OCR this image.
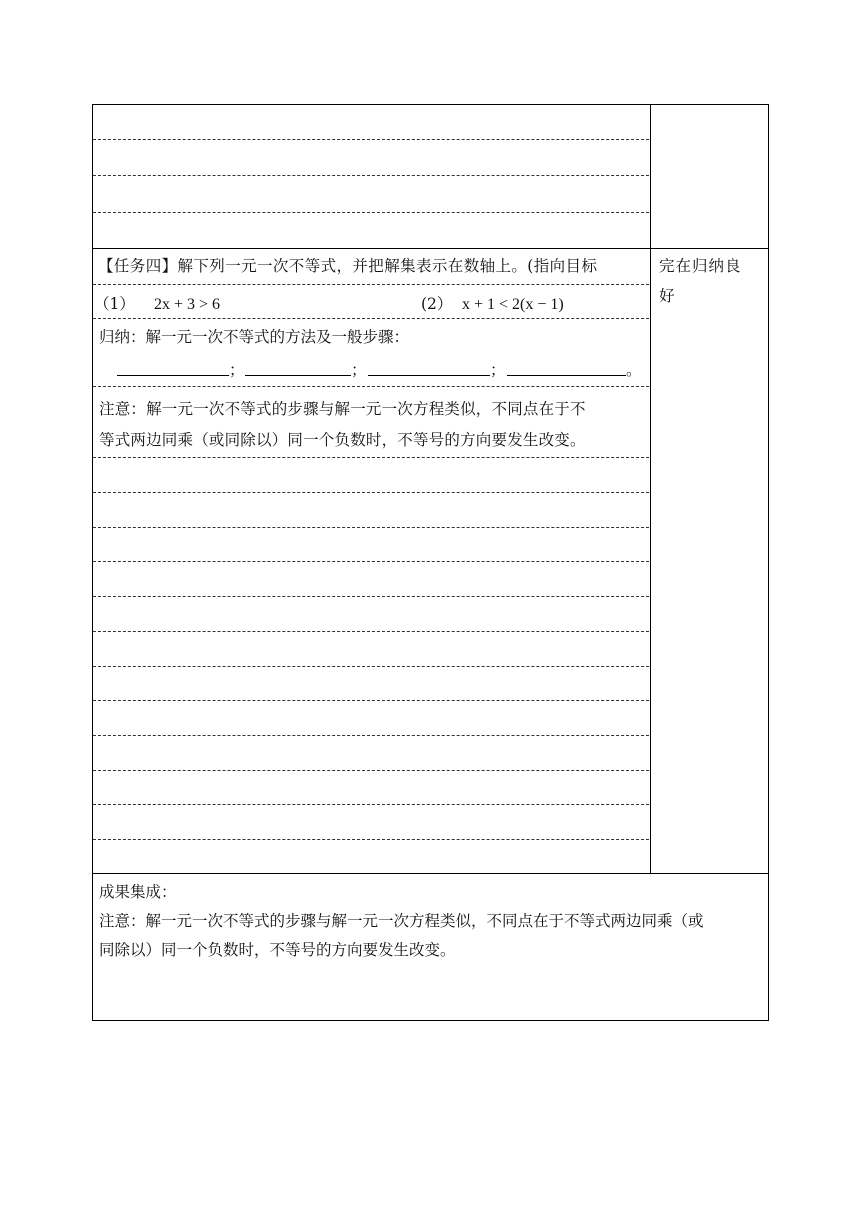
【任务四】解下列一元一次不等式，并把解集表示在数轴上。(指向目标
（1） 2x + 3 > 6	(2） x + 1 < 2(x − 1)
归纳：解一元一次不等式的方法及一般步骤：
；	；	；	。
注意：解一元一次不等式的步骤与解一元一次方程类似，不同点在于不
等式两边同乘（或同除以）同一个负数时，不等号的方向要发生改变。
完在归纳良
好
成果集成：
注意：解一元一次不等式的步骤与解一元一次方程类似，不同点在于不等式两边同乘（或
同除以）同一个负数时，不等号的方向要发生改变。
